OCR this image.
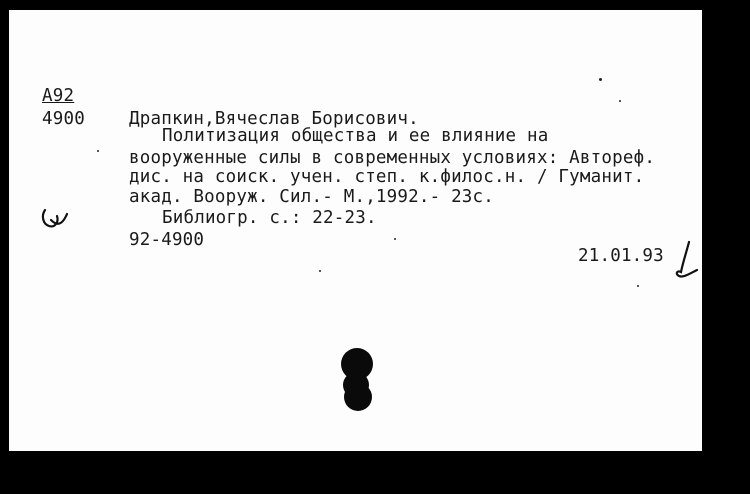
А92
4900	Драпкин,Вячеслав Борисович.
Политизация общества и ее влияние на
вооруженные силы в современных условиях: Автореф.
дис. на соиск. учен. степ. к.филос.н. / Гуманит.
акад. Вооруж. Сил.- М.,1992.- 23с.
Библиогр. с.: 22-23.
92-4900
21.01.93
